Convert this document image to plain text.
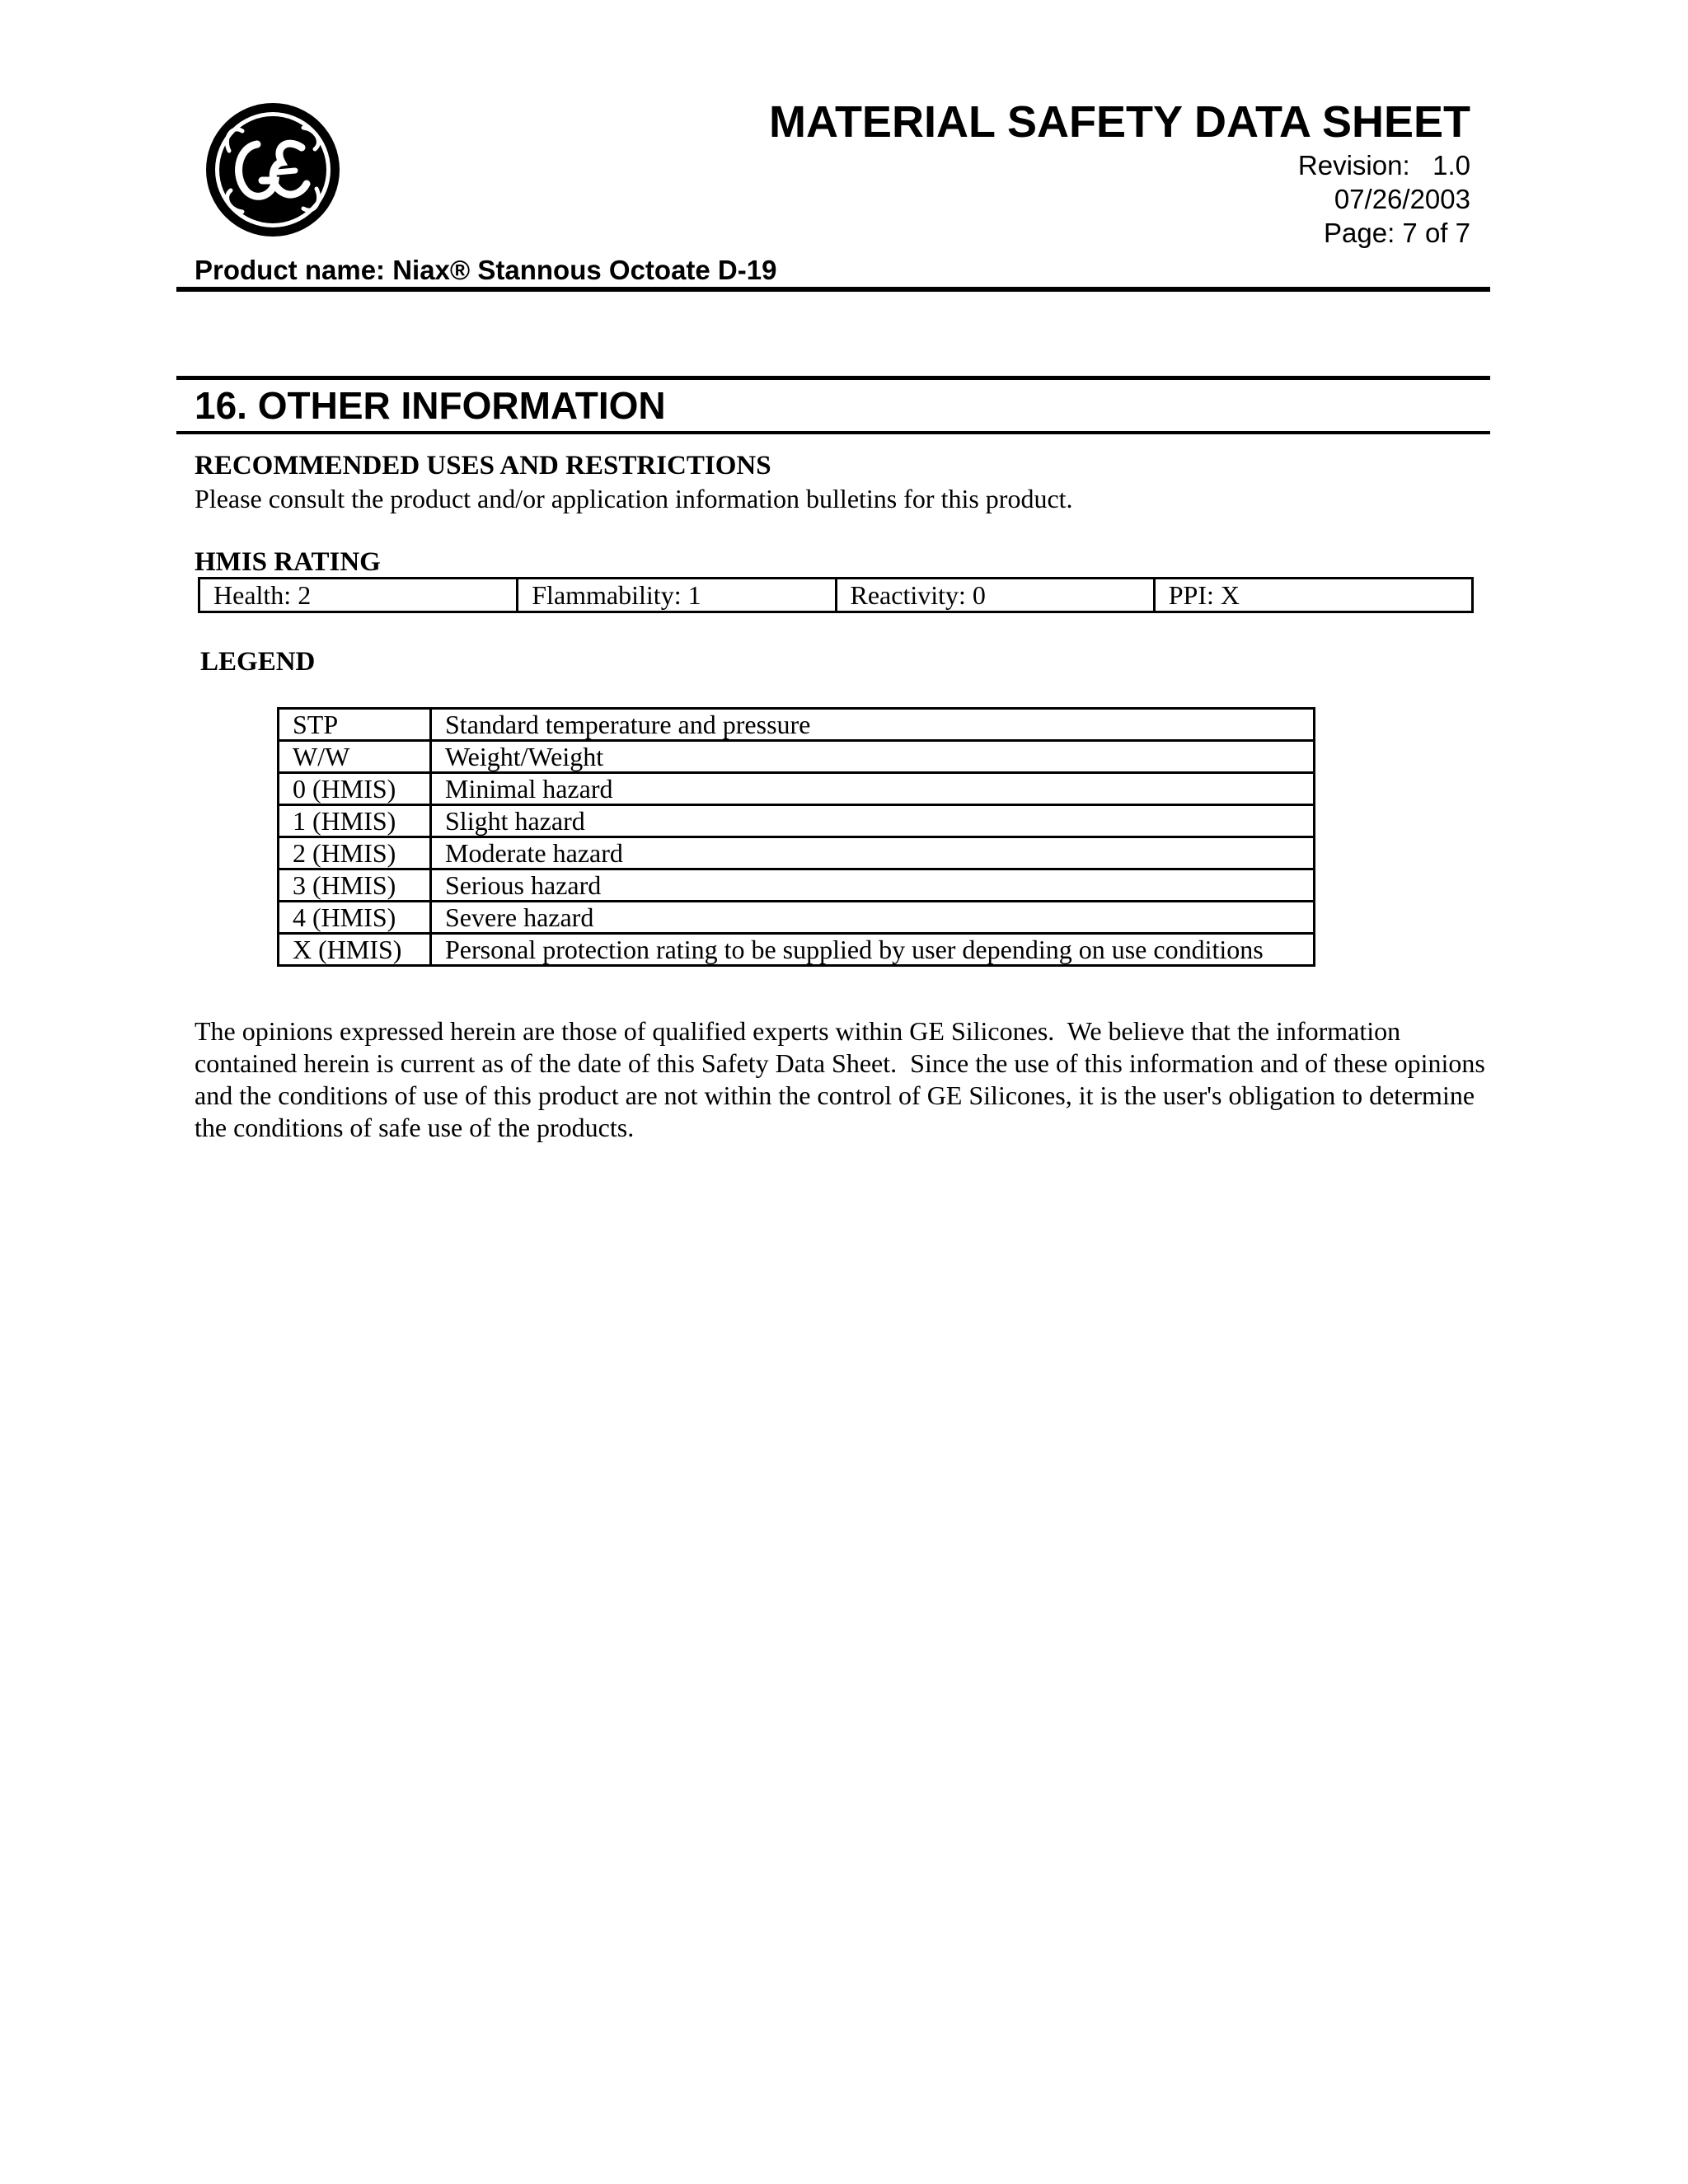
MATERIAL SAFETY DATA SHEET
Revision:   1.0
07/26/2003
Page: 7 of 7
Product name: Niax® Stannous Octoate D-19
16. OTHER INFORMATION
RECOMMENDED USES AND RESTRICTIONS
Please consult the product and/or application information bulletins for this product.
HMIS RATING
Health: 2	Flammability: 1	Reactivity: 0	PPI: X
LEGEND
STP	Standard temperature and pressure
W/W	Weight/Weight
0 (HMIS)	Minimal hazard
1 (HMIS)	Slight hazard
2 (HMIS)	Moderate hazard
3 (HMIS)	Serious hazard
4 (HMIS)	Severe hazard
X (HMIS)	Personal protection rating to be supplied by user depending on use conditions
The opinions expressed herein are those of qualified experts within GE Silicones.  We believe that the information contained herein is current as of the date of this Safety Data Sheet.  Since the use of this information and of these opinions and the conditions of use of this product are not within the control of GE Silicones, it is the user's obligation to determine the conditions of safe use of the products.
